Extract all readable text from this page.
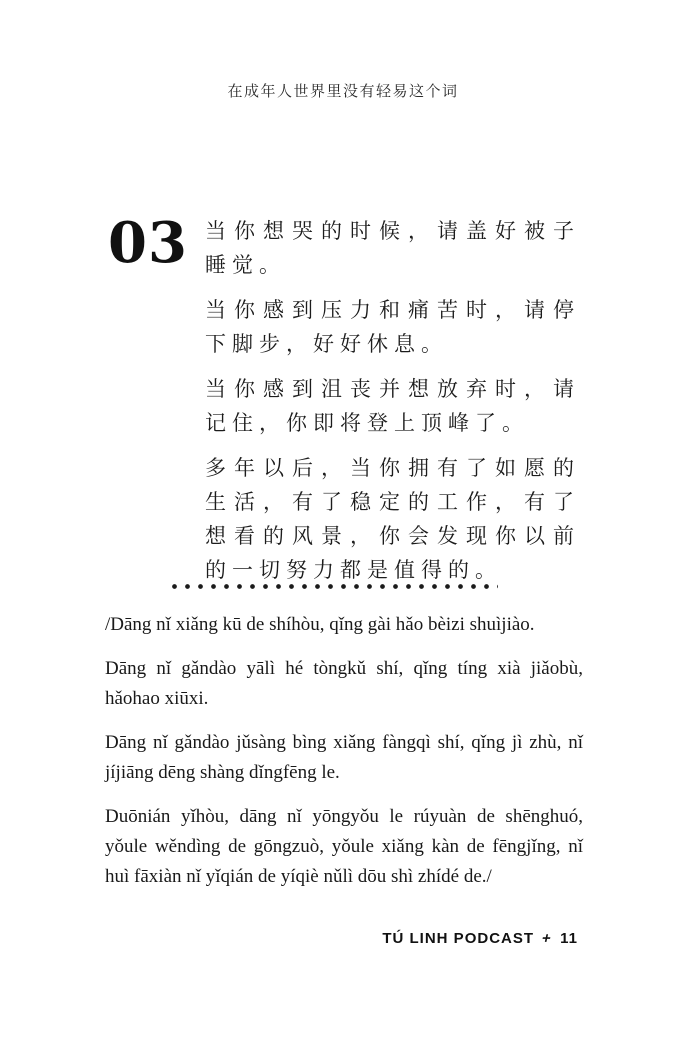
在成年人世界里没有轻易这个词
03 当你想哭的时候，请盖好被子睡觉。

当你感到压力和痛苦时，请停下脚步，好好休息。

当你感到沮丧并想放弃时，请记住，你即将登上顶峰了。

多年以后，当你拥有了如愿的生活，有了稳定的工作，有了想看的风景，你会发现你以前的一切努力都是值得的。

/Dāng nǐ xiǎng kū de shíhòu, qǐng gài hǎo bèizi shuìjiào.

Dāng nǐ gǎndào yālì hé tòngkǔ shí, qǐng tíng xià jiǎobù, hǎohao xiūxi.

Dāng nǐ gǎndào jǔsàng bìng xiǎng fàngqì shí, qǐng jì zhù, nǐ jíjiāng dēng shàng dǐngfēng le.

Duōnián yǐhòu, dāng nǐ yōngyǒu le rúyuàn de shēnghuó, yǒule wěndìng de gōngzuò, yǒule xiǎng kàn de fēngjǐng, nǐ huì fāxiàn nǐ yǐqián de yíqiè nǔlì dōu shì zhídé de./

TÚ LINH PODCAST + 11
